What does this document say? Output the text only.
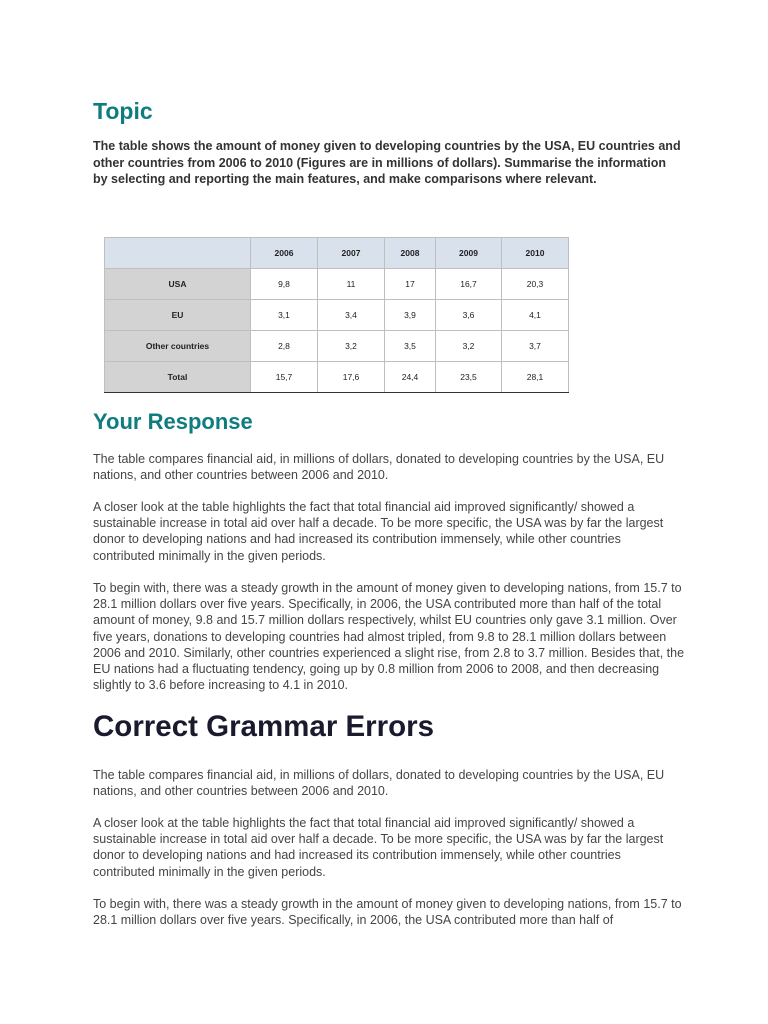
Topic

The table shows the amount of money given to developing countries by the USA, EU countries and other countries from 2006 to 2010 (Figures are in millions of dollars). Summarise the information by selecting and reporting the main features, and make comparisons where relevant.

	2006	2007	2008	2009	2010
USA	9,8	11	17	16,7	20,3
EU	3,1	3,4	3,9	3,6	4,1
Other countries	2,8	3,2	3,5	3,2	3,7
Total	15,7	17,6	24,4	23,5	28,1
Your Response

The table compares financial aid, in millions of dollars, donated to developing countries by the USA, EU nations, and other countries between 2006 and 2010.

A closer look at the table highlights the fact that total financial aid improved significantly/ showed a sustainable increase in total aid over half a decade. To be more specific, the USA was by far the largest donor to developing nations and had increased its contribution immensely, while other countries contributed minimally in the given periods.

To begin with, there was a steady growth in the amount of money given to developing nations, from 15.7 to 28.1 million dollars over five years. Specifically, in 2006, the USA contributed more than half of the total amount of money, 9.8 and 15.7 million dollars respectively, whilst EU countries only gave 3.1 million. Over five years, donations to developing countries had almost tripled, from 9.8 to 28.1 million dollars between 2006 and 2010. Similarly, other countries experienced a slight rise, from 2.8 to 3.7 million. Besides that, the EU nations had a fluctuating tendency, going up by 0.8 million from 2006 to 2008, and then decreasing slightly to 3.6 before increasing to 4.1 in 2010.

Correct Grammar Errors

The table compares financial aid, in millions of dollars, donated to developing countries by the USA, EU nations, and other countries between 2006 and 2010.

A closer look at the table highlights the fact that total financial aid improved significantly/ showed a sustainable increase in total aid over half a decade. To be more specific, the USA was by far the largest donor to developing nations and had increased its contribution immensely, while other countries contributed minimally in the given periods.

To begin with, there was a steady growth in the amount of money given to developing nations, from 15.7 to 28.1 million dollars over five years. Specifically, in 2006, the USA contributed more than half of
